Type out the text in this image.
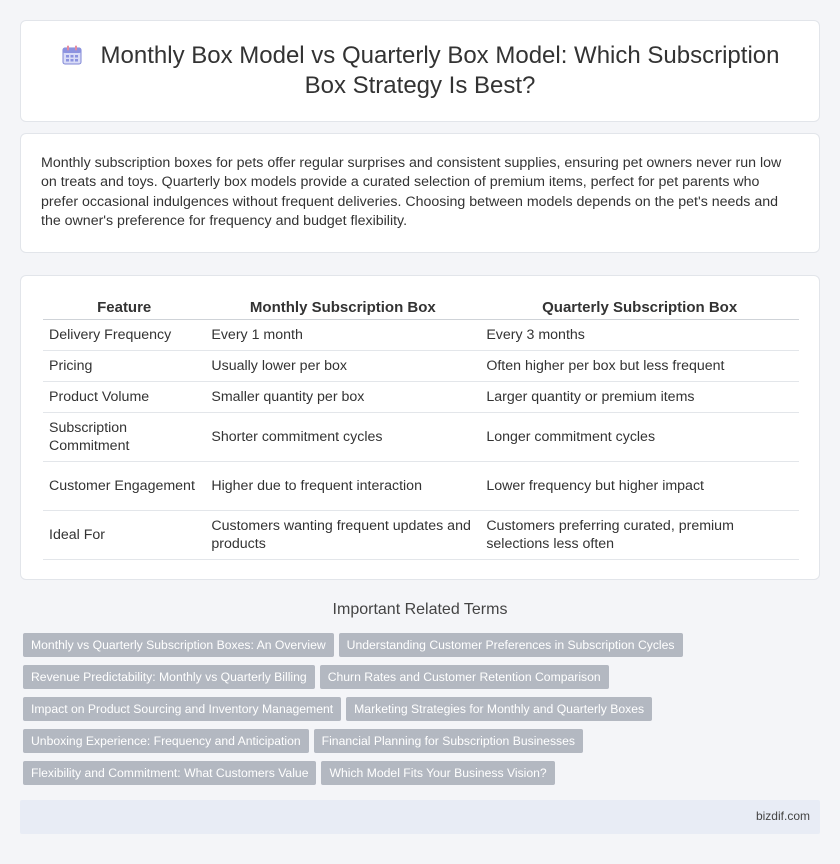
Monthly Box Model vs Quarterly Box Model: Which Subscription
Box Strategy Is Best?
Monthly subscription boxes for pets offer regular surprises and consistent supplies, ensuring pet owners never run low on treats and toys. Quarterly box models provide a curated selection of premium items, perfect for pet parents who prefer occasional indulgences without frequent deliveries. Choosing between models depends on the pet's needs and the owner's preference for frequency and budget flexibility.
Feature	Monthly Subscription Box	Quarterly Subscription Box
Delivery Frequency	Every 1 month	Every 3 months
Pricing	Usually lower per box	Often higher per box but less frequent
Product Volume	Smaller quantity per box	Larger quantity or premium items
Subscription Commitment	Shorter commitment cycles	Longer commitment cycles
Customer Engagement	Higher due to frequent interaction	Lower frequency but higher impact
Ideal For	Customers wanting frequent updates and products	Customers preferring curated, premium selections less often
Important Related Terms
Monthly vs Quarterly Subscription Boxes: An Overview Understanding Customer Preferences in Subscription Cycles
Revenue Predictability: Monthly vs Quarterly Billing Churn Rates and Customer Retention Comparison
Impact on Product Sourcing and Inventory Management Marketing Strategies for Monthly and Quarterly Boxes
Unboxing Experience: Frequency and Anticipation Financial Planning for Subscription Businesses
Flexibility and Commitment: What Customers Value Which Model Fits Your Business Vision?
bizdif.com
